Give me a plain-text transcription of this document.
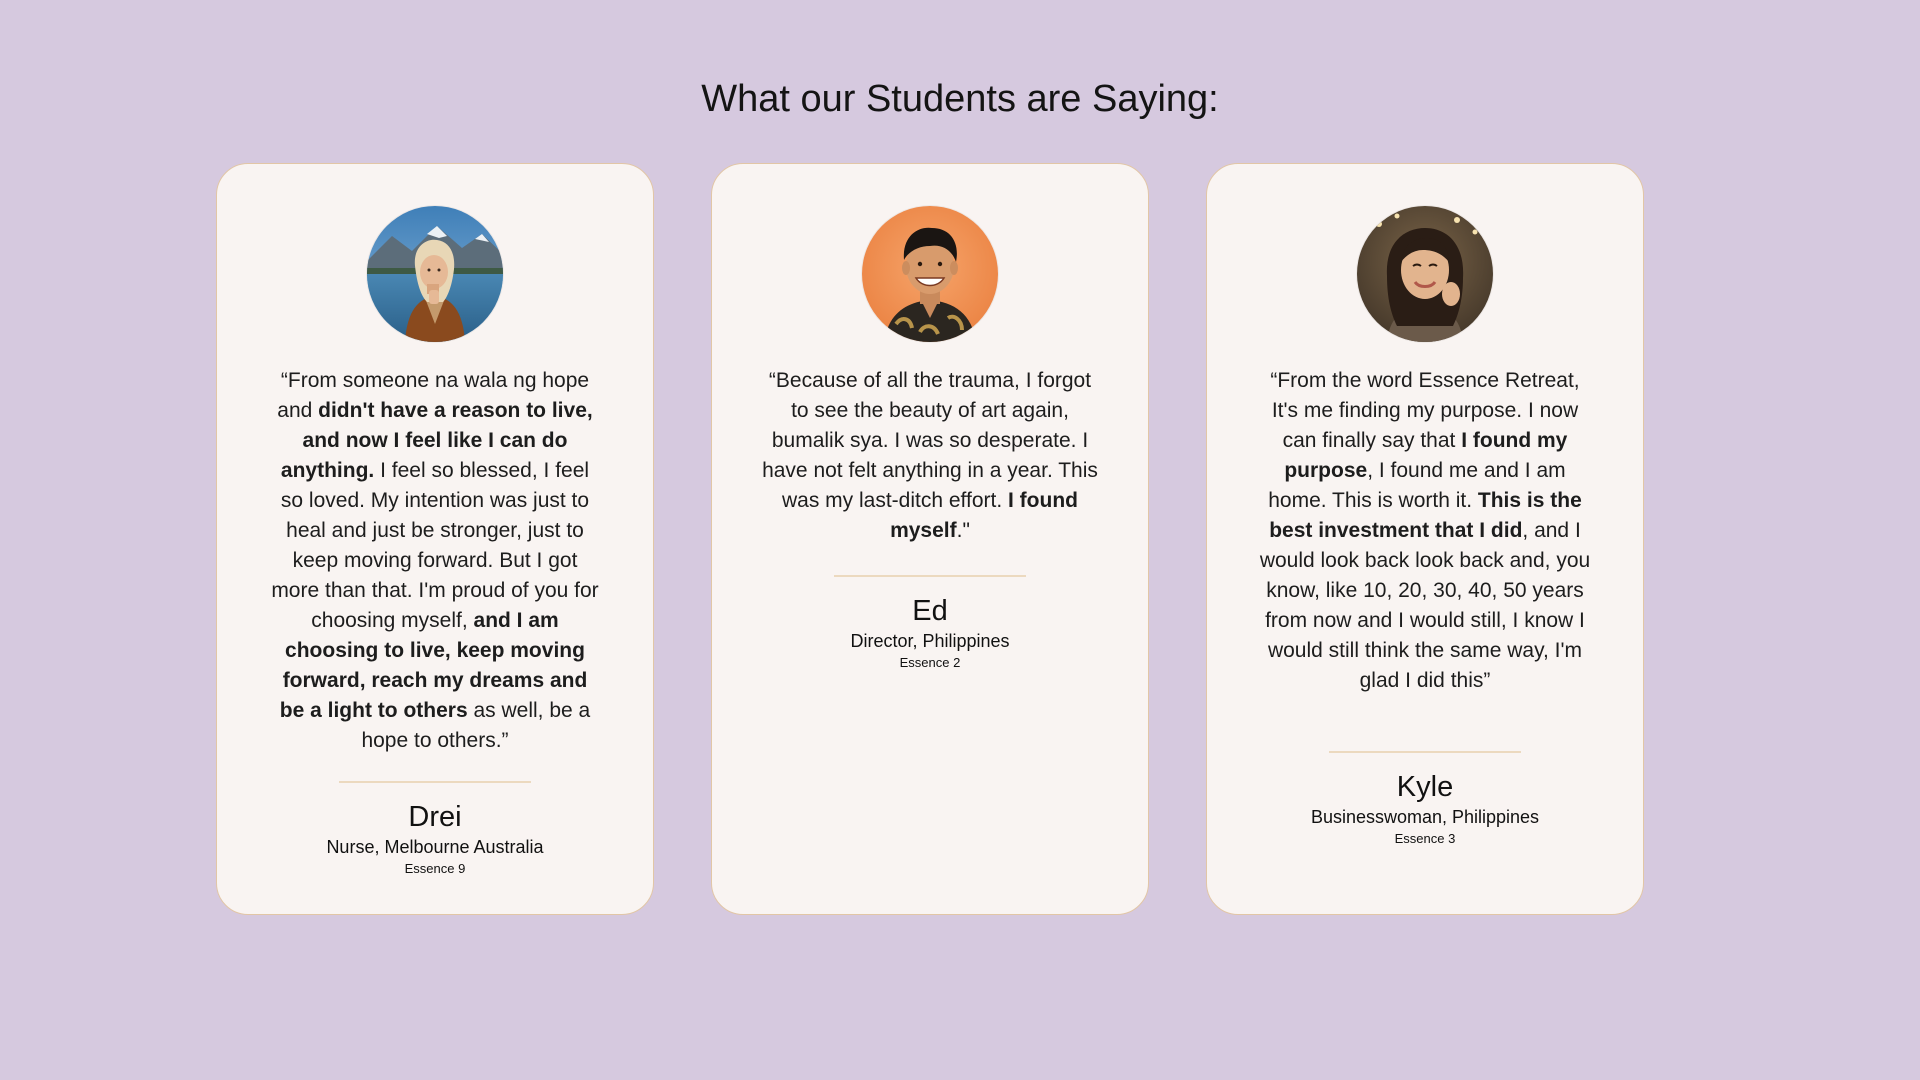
What our Students are Saying:

“From someone na wala ng hope and didn't have a reason to live, and now I feel like I can do anything. I feel so blessed, I feel so loved. My intention was just to heal and just be stronger, just to keep moving forward. But I got more than that. I'm proud of you for choosing myself, and I am choosing to live, keep moving forward, reach my dreams and be a light to others as well, be a hope to others.”

Drei
Nurse, Melbourne Australia
Essence 9

“Because of all the trauma, I forgot to see the beauty of art again, bumalik sya. I was so desperate. I have not felt anything in a year. This was my last-ditch effort. I found myself."

Ed
Director, Philippines
Essence 2

“From the word Essence Retreat, It's me finding my purpose. I now can finally say that I found my purpose, I found me and I am home. This is worth it. This is the best investment that I did, and I would look back look back and, you know, like 10, 20, 30, 40, 50 years from now and I would still, I know I would still think the same way, I'm glad I did this”

Kyle
Businesswoman, Philippines
Essence 3
